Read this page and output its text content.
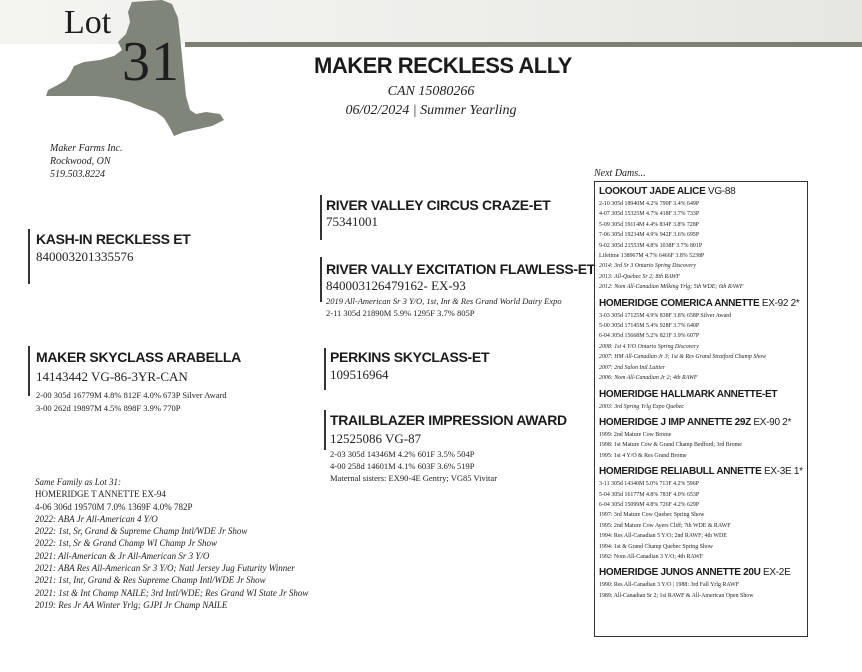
Lot
31	MAKER RECKLESS ALLY
CAN 15080266
06/02/2024 | Summer Yearling
Maker Farms Inc.
Rockwood, ON
519.503.8224
KASH-IN RECKLESS ET
840003201335576
RIVER VALLEY CIRCUS CRAZE-ET
75341001
RIVER VALLY EXCITATION FLAWLESS-ET
840003126479162- EX-93
2019 All-American Sr 3 Y/O, 1st, Int & Res Grand World Dairy Expo
2-11 305d 21890M 5.9% 1295F 3.7% 805P
MAKER SKYCLASS ARABELLA
14143442 VG-86-3YR-CAN
2-00 305d 16779M 4.8% 812F 4.0% 673P Silver Award
3-00 262d 19897M 4.5% 898F 3.9% 770P
PERKINS SKYCLASS-ET
109516964
TRAILBLAZER IMPRESSION AWARD
12525086 VG-87
2-03 305d 14346M 4.2% 601F 3.5% 504P
4-00 258d 14601M 4.1% 603F 3.6% 519P
Maternal sisters: EX90-4E Gentry; VG85 Vivitar
Same Family as Lot 31:
HOMERIDGE T ANNETTE EX-94
4-06 306d 19570M 7.0% 1369F 4.0% 782P
2022: ABA Jr All-American 4 Y/O
2022: 1st, Sr, Grand & Supreme Champ Intl/WDE Jr Show
2022: 1st, Sr & Grand Champ WI Champ Jr Show
2021: All-American & Jr All-American Sr 3 Y/O
2021: ABA Res All-American Sr 3 Y/O; Natl Jersey Jug Futurity Winner
2021: 1st, Int, Grand & Res Supreme Champ Intl/WDE Jr Show
2021: 1st & Int Champ NAILE; 3rd Intl/WDE; Res Grand WI State Jr Show
2019: Res Jr AA Winter Yrlg; GJPI Jr Champ NAILE
Next Dams...
LOOKOUT JADE ALICE VG-88
2-10 305d 18940M 4.2% 790F 3.4% 649P
4-07 305d 15325M 4.7% 418F 3.7% 733P
5-09 305d 19114M 4.4% 834F 3.8% 728P
7-06 305d 19234M 4.9% 942F 3.6% 695P
9-02 305d 21553M 4.8% 1038F 3.7% 801P
Lifetime 138967M 4.7% 6466F 3.8% 5238P
2014: 3rd Sr 3 Ontario Spring Discovery
2013: All-Quebec Sr 2; 8th RAWF
2012: Nom All-Canadian Milking Yrlg; 5th WDE; 6th RAWF
HOMERIDGE COMERICA ANNETTE EX-92 2*
3-03 305d 17125M 4.9% 838F 3.8% 658P Silver Award
5-00 305d 17145M 5.4% 928F 3.7% 640P
6-04 305d 15668M 5.2% 821F 3.9% 607P
2008: 1st 4 Y/O Ontario Spring Discovery
2007: HM All-Canadian Jr 3; 1st & Res Grand Stratford Champ Show
2007: 2nd Salon Intl Laitier
2006: Nom All-Canadian Jr 2; 4th RAWF
HOMERIDGE HALLMARK ANNETTE-ET
2003: 3rd Spring Yrlg Expo Quebec
HOMERIDGE J IMP ANNETTE 29Z EX-90 2*
1999: 2nd Mature Cow Brome
1998: 1st Mature Cow & Grand Champ Bedford; 3rd Brome
1995: 1st 4 Y/O & Res Grand Brome
HOMERIDGE RELIABULL ANNETTE EX-3E 1*
3-11 305d 14340M 5.0% 713F 4.2% 596P
5-04 305d 16177M 4.8% 783F 4.0% 653P
6-04 305d 15099M 4.8% 726F 4.2% 629P
1997: 3rd Mature Cow Quebec Spring Show
1995: 2nd Mature Cow Ayers Cliff; 7th WDE & RAWF
1994: Res All-Canadian 5 Y/O; 2nd RAWF; 4th WDE
1994: 1st & Grand Champ Quebec Spring Show
1992: Nom All-Canadian 3 Y/O; 4th RAWF
HOMERIDGE JUNOS ANNETTE 20U EX-2E
1990: Res All-Canadian 3 Y/O | 1988: 3rd Fall Yrlg RAWF
1989: All-Canadian Sr 2; 1st RAWF & All-American Open Show
